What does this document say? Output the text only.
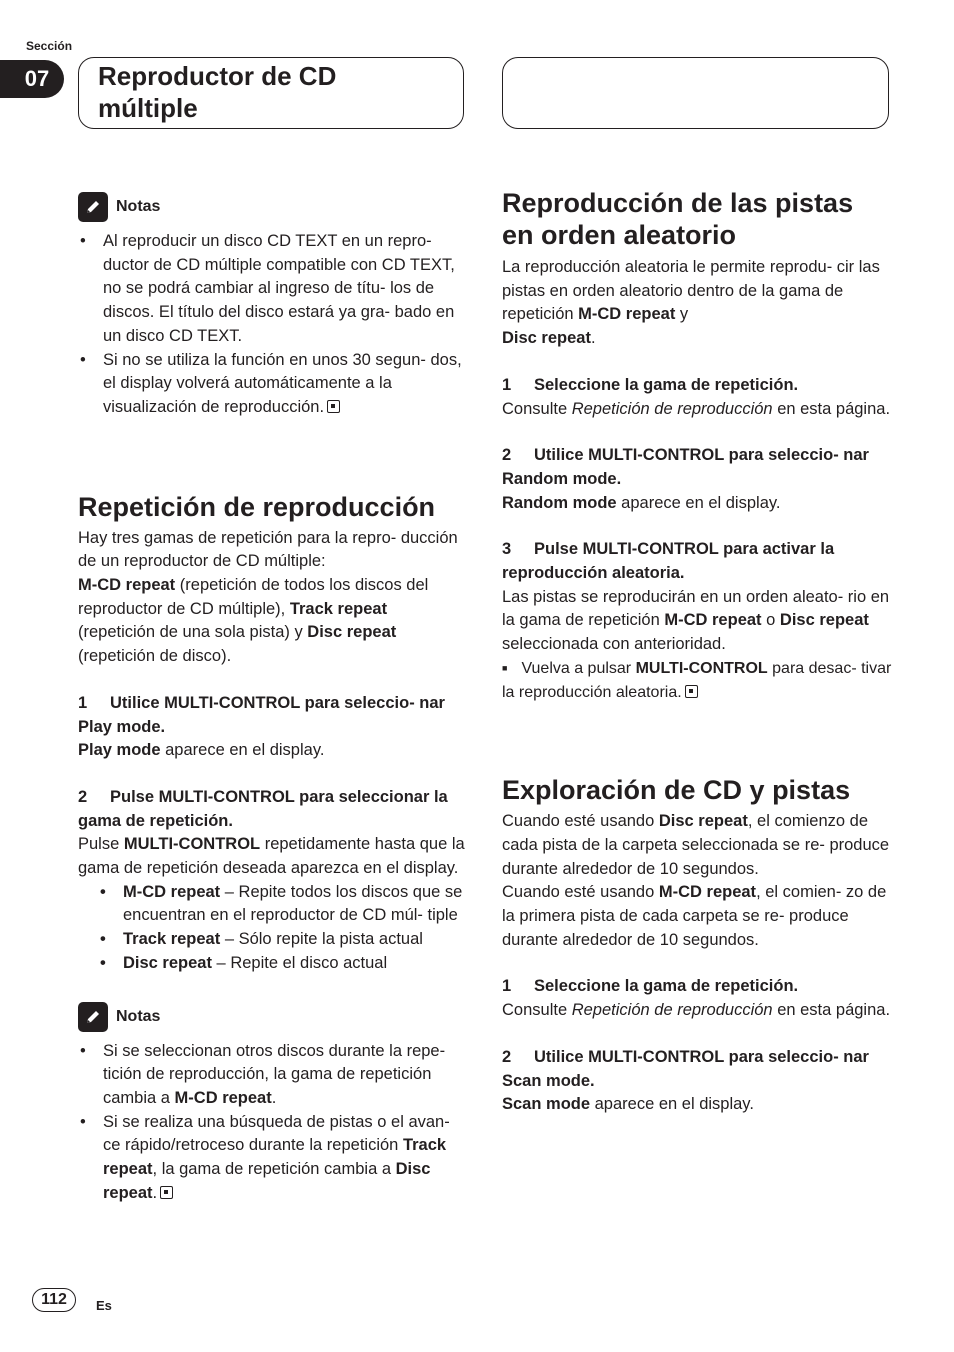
Sección
07	Reproductor de CD
múltiple
Notas
• Al reproducir un disco CD TEXT en un repro- ductor de CD múltiple compatible con CD TEXT, no se podrá cambiar al ingreso de títu- los de discos. El título del disco estará ya gra- bado en un disco CD TEXT.
• Si no se utiliza la función en unos 30 segun- dos, el display volverá automáticamente a la visualización de reproducción.
Repetición de reproducción

Hay tres gamas de repetición para la repro- ducción de un reproductor de CD múltiple:
M-CD repeat (repetición de todos los discos del reproductor de CD múltiple), Track repeat (repetición de una sola pista) y Disc repeat (repetición de disco).

1 Utilice MULTI-CONTROL para seleccio- nar Play mode.

Play mode aparece en el display.

2 Pulse MULTI-CONTROL para seleccionar la gama de repetición.

Pulse MULTI-CONTROL repetidamente hasta que la gama de repetición deseada aparezca en el display.

• M-CD repeat – Repite todos los discos que se encuentran en el reproductor de CD múl- tiple
• Track repeat – Sólo repite la pista actual
• Disc repeat – Repite el disco actual
Notas
• Si se seleccionan otros discos durante la repe- tición de reproducción, la gama de repetición cambia a M-CD repeat.
• Si se realiza una búsqueda de pistas o el avan- ce rápido/retroceso durante la repetición Track repeat, la gama de repetición cambia a Disc repeat.
Reproducción de las pistas en orden aleatorio

La reproducción aleatoria le permite reprodu- cir las pistas en orden aleatorio dentro de la gama de repetición M-CD repeat y
Disc repeat.

1 Seleccione la gama de repetición.

Consulte Repetición de reproducción en esta página.

2 Utilice MULTI-CONTROL para seleccio- nar Random mode.

Random mode aparece en el display.

3 Pulse MULTI-CONTROL para activar la reproducción aleatoria.

Las pistas se reproducirán en un orden aleato- rio en la gama de repetición M-CD repeat o Disc repeat seleccionada con anterioridad.

■ Vuelva a pulsar MULTI-CONTROL para desac- tivar la reproducción aleatoria.

Exploración de CD y pistas

Cuando esté usando Disc repeat, el comienzo de cada pista de la carpeta seleccionada se re- produce durante alrededor de 10 segundos.

Cuando esté usando M-CD repeat, el comien- zo de la primera pista de cada carpeta se re- produce durante alrededor de 10 segundos.

1 Seleccione la gama de repetición.

Consulte Repetición de reproducción en esta página.

2 Utilice MULTI-CONTROL para seleccio- nar Scan mode.

Scan mode aparece en el display.

112	Es
